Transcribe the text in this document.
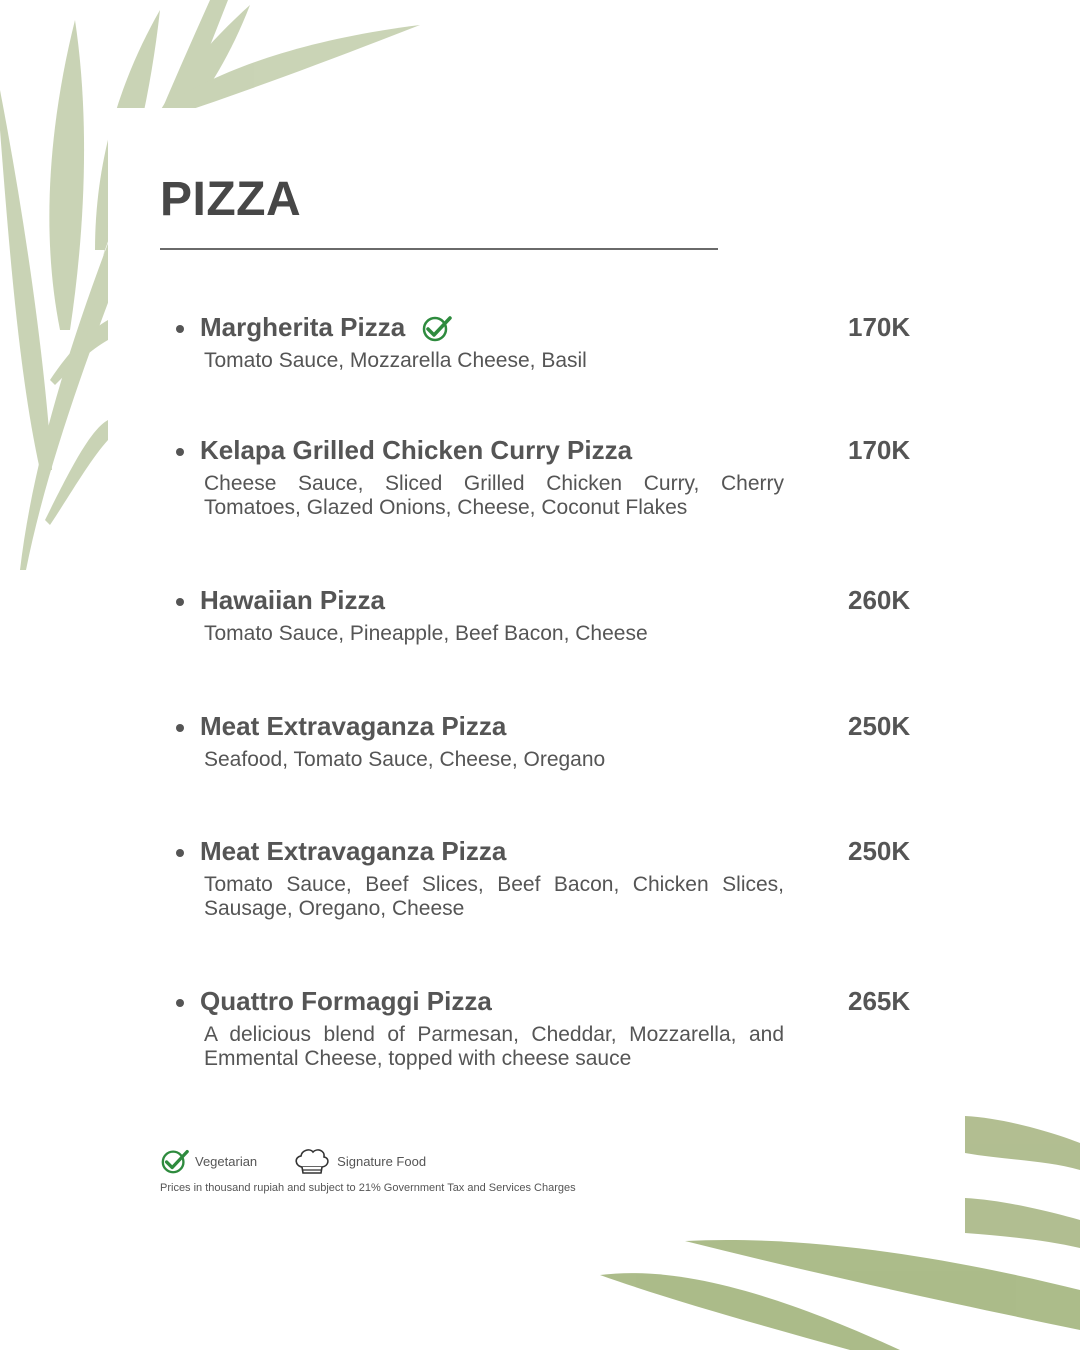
PIZZA
Margherita Pizza
Tomato Sauce, Mozzarella Cheese, Basil
170K
Kelapa Grilled Chicken Curry Pizza
Cheese Sauce, Sliced Grilled Chicken Curry, Cherry Tomatoes, Glazed Onions, Cheese, Coconut Flakes
170K
Hawaiian Pizza
Tomato Sauce, Pineapple, Beef Bacon, Cheese
260K
Meat Extravaganza Pizza
Seafood, Tomato Sauce, Cheese, Oregano
250K
Meat Extravaganza Pizza
Tomato Sauce, Beef Slices, Beef Bacon, Chicken Slices, Sausage, Oregano, Cheese
250K
Quattro Formaggi Pizza
A delicious blend of Parmesan, Cheddar, Mozzarella, and Emmental Cheese, topped with cheese sauce
265K
Vegetarian	Signature Food
Prices in thousand rupiah and subject to 21% Government Tax and Services Charges
